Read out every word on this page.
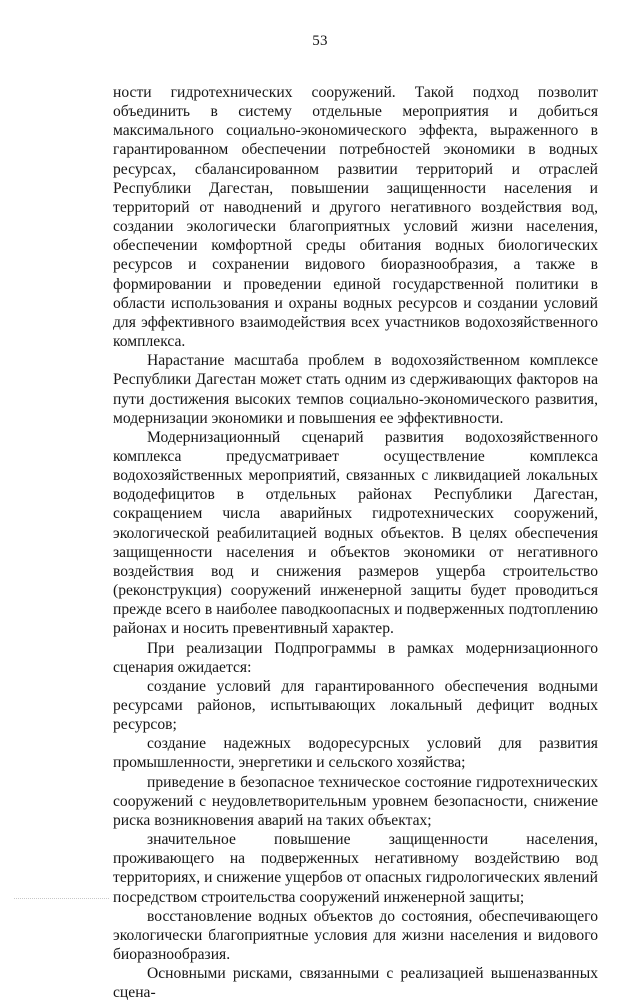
53

ности гидротехнических сооружений. Такой подход позволит объединить в систему отдельные мероприятия и добиться максимального социально-экономического эффекта, выраженного в гарантированном обеспечении потребностей экономики в водных ресурсах, сбалансированном развитии территорий и отраслей Республики Дагестан, повышении защищенности населения и территорий от наводнений и другого негативного воздействия вод, создании экологически благоприятных условий жизни населения, обеспечении комфортной среды обитания водных биологических ресурсов и сохранении видового биоразнообразия, а также в формировании и проведении единой государственной политики в области использования и охраны водных ресурсов и создании условий для эффективного взаимодействия всех участников водохозяйственного комплекса.

Нарастание масштаба проблем в водохозяйственном комплексе Республики Дагестан может стать одним из сдерживающих факторов на пути достижения высоких темпов социально-экономического развития, модернизации экономики и повышения ее эффективности.

Модернизационный сценарий развития водохозяйственного комплекса предусматривает осуществление комплекса водохозяйственных мероприятий, связанных с ликвидацией локальных вододефицитов в отдельных районах Республики Дагестан, сокращением числа аварийных гидротехнических сооружений, экологической реабилитацией водных объектов. В целях обеспечения защищенности населения и объектов экономики от негативного воздействия вод и снижения размеров ущерба строительство (реконструкция) сооружений инженерной защиты будет проводиться прежде всего в наиболее паводкоопасных и подверженных подтоплению районах и носить превентивный характер.

При реализации Подпрограммы в рамках модернизационного сценария ожидается:

создание условий для гарантированного обеспечения водными ресурсами районов, испытывающих локальный дефицит водных ресурсов;

создание надежных водоресурсных условий для развития промышленности, энергетики и сельского хозяйства;

приведение в безопасное техническое состояние гидротехнических сооружений с неудовлетворительным уровнем безопасности, снижение риска возникновения аварий на таких объектах;

значительное повышение защищенности населения, проживающего на подверженных негативному воздействию вод территориях, и снижение ущербов от опасных гидрологических явлений посредством строительства сооружений инженерной защиты;

восстановление водных объектов до состояния, обеспечивающего экологически благоприятные условия для жизни населения и видового биоразнообразия.

Основными рисками, связанными с реализацией вышеназванных сцена-
